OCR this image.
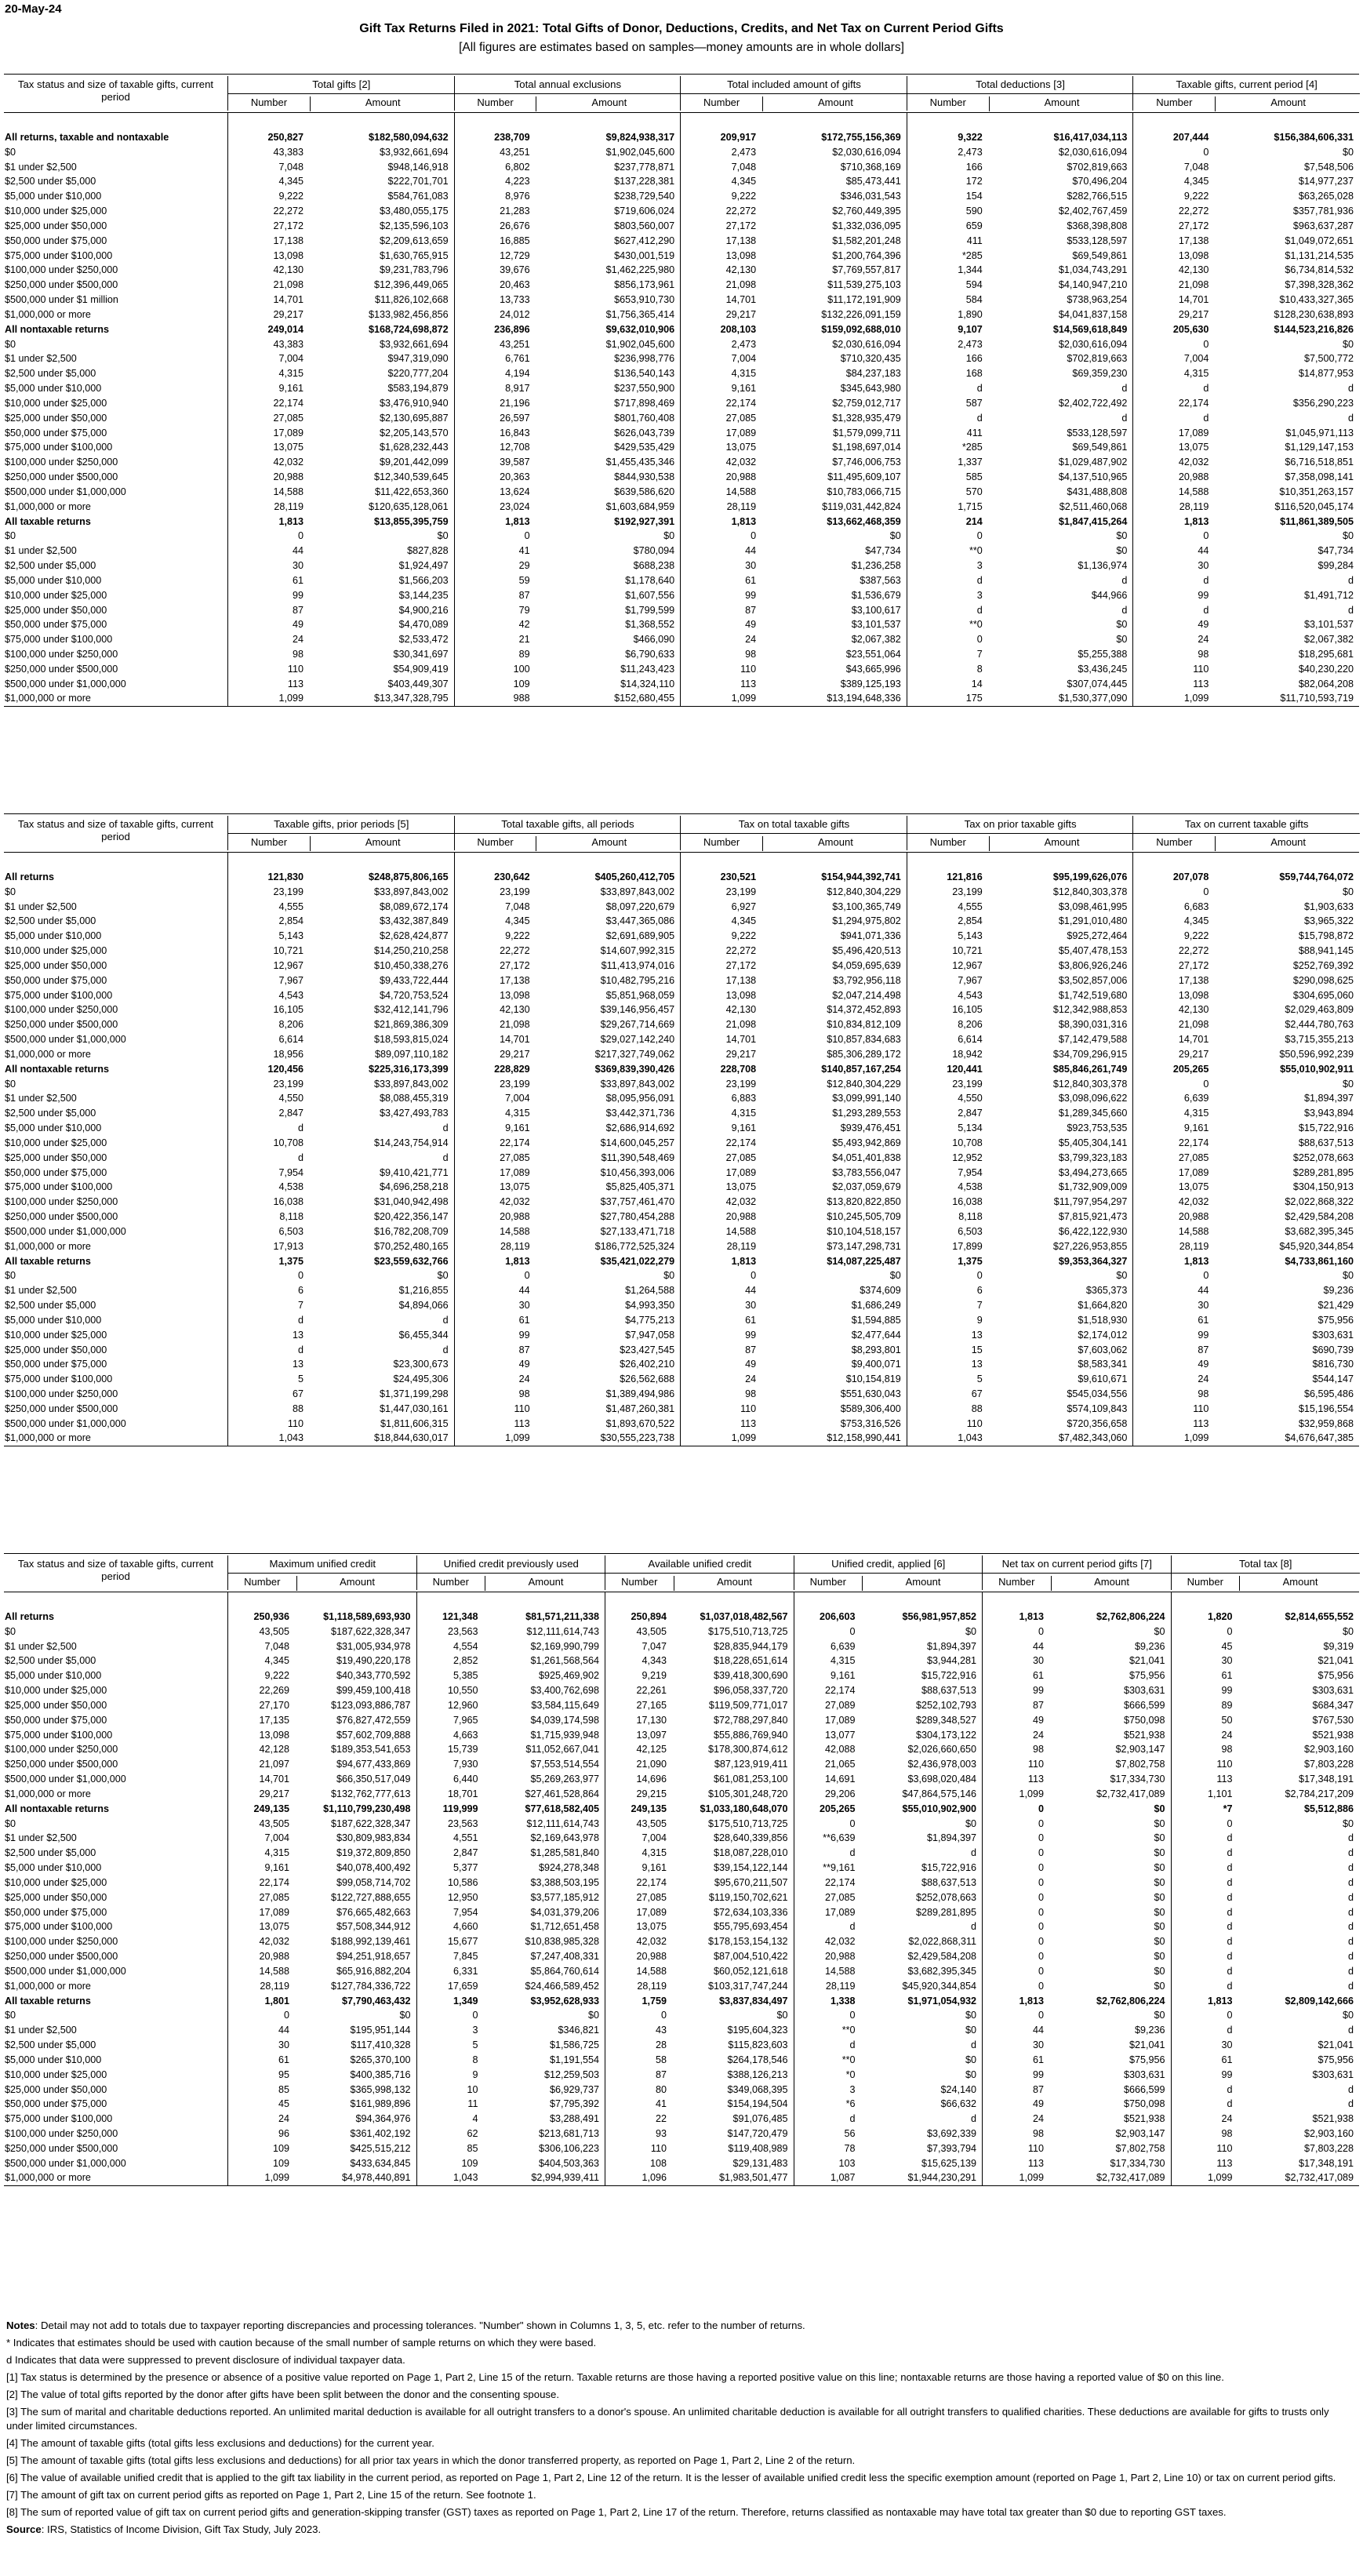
20-May-24
Gift Tax Returns Filed in 2021: Total Gifts of Donor, Deductions, Credits, and Net Tax on Current Period Gifts
[All figures are estimates based on samples—money amounts are in whole dollars]
Tax status and size of taxable gifts, current period
Total gifts [2]
Number	Amount
Total annual exclusions
Number	Amount
Total included amount of gifts
Number	Amount
Total deductions [3]
Number	Amount
Taxable gifts, current period [4]
Number	Amount

All returns, taxable and nontaxable	250,827	$182,580,094,632	238,709	$9,824,938,317	209,917	$172,755,156,369	9,322	$16,417,034,113	207,444	$156,384,606,331
$0	43,383	$3,932,661,694	43,251	$1,902,045,600	2,473	$2,030,616,094	2,473	$2,030,616,094	0	$0
$1 under $2,500	7,048	$948,146,918	6,802	$237,778,871	7,048	$710,368,169	166	$702,819,663	7,048	$7,548,506
$2,500 under $5,000	4,345	$222,701,701	4,223	$137,228,381	4,345	$85,473,441	172	$70,496,204	4,345	$14,977,237
$5,000 under $10,000	9,222	$584,761,083	8,976	$238,729,540	9,222	$346,031,543	154	$282,766,515	9,222	$63,265,028
$10,000 under $25,000	22,272	$3,480,055,175	21,283	$719,606,024	22,272	$2,760,449,395	590	$2,402,767,459	22,272	$357,781,936
$25,000 under $50,000	27,172	$2,135,596,103	26,676	$803,560,007	27,172	$1,332,036,095	659	$368,398,808	27,172	$963,637,287
$50,000 under $75,000	17,138	$2,209,613,659	16,885	$627,412,290	17,138	$1,582,201,248	411	$533,128,597	17,138	$1,049,072,651
$75,000 under $100,000	13,098	$1,630,765,915	12,729	$430,001,519	13,098	$1,200,764,396	*285	$69,549,861	13,098	$1,131,214,535
$100,000 under $250,000	42,130	$9,231,783,796	39,676	$1,462,225,980	42,130	$7,769,557,817	1,344	$1,034,743,291	42,130	$6,734,814,532
$250,000 under $500,000	21,098	$12,396,449,065	20,463	$856,173,961	21,098	$11,539,275,103	594	$4,140,947,210	21,098	$7,398,328,362
$500,000 under $1 million	14,701	$11,826,102,668	13,733	$653,910,730	14,701	$11,172,191,909	584	$738,963,254	14,701	$10,433,327,365
$1,000,000 or more	29,217	$133,982,456,856	24,012	$1,756,365,414	29,217	$132,226,091,159	1,890	$4,041,837,158	29,217	$128,230,638,893
All nontaxable returns	249,014	$168,724,698,872	236,896	$9,632,010,906	208,103	$159,092,688,010	9,107	$14,569,618,849	205,630	$144,523,216,826
$0	43,383	$3,932,661,694	43,251	$1,902,045,600	2,473	$2,030,616,094	2,473	$2,030,616,094	0	$0
$1 under $2,500	7,004	$947,319,090	6,761	$236,998,776	7,004	$710,320,435	166	$702,819,663	7,004	$7,500,772
$2,500 under $5,000	4,315	$220,777,204	4,194	$136,540,143	4,315	$84,237,183	168	$69,359,230	4,315	$14,877,953
$5,000 under $10,000	9,161	$583,194,879	8,917	$237,550,900	9,161	$345,643,980	d	d	d	d
$10,000 under $25,000	22,174	$3,476,910,940	21,196	$717,898,469	22,174	$2,759,012,717	587	$2,402,722,492	22,174	$356,290,223
$25,000 under $50,000	27,085	$2,130,695,887	26,597	$801,760,408	27,085	$1,328,935,479	d	d	d	d
$50,000 under $75,000	17,089	$2,205,143,570	16,843	$626,043,739	17,089	$1,579,099,711	411	$533,128,597	17,089	$1,045,971,113
$75,000 under $100,000	13,075	$1,628,232,443	12,708	$429,535,429	13,075	$1,198,697,014	*285	$69,549,861	13,075	$1,129,147,153
$100,000 under $250,000	42,032	$9,201,442,099	39,587	$1,455,435,346	42,032	$7,746,006,753	1,337	$1,029,487,902	42,032	$6,716,518,851
$250,000 under $500,000	20,988	$12,340,539,645	20,363	$844,930,538	20,988	$11,495,609,107	585	$4,137,510,965	20,988	$7,358,098,141
$500,000 under $1,000,000	14,588	$11,422,653,360	13,624	$639,586,620	14,588	$10,783,066,715	570	$431,488,808	14,588	$10,351,263,157
$1,000,000 or more	28,119	$120,635,128,061	23,024	$1,603,684,959	28,119	$119,031,442,824	1,715	$2,511,460,068	28,119	$116,520,045,174
All taxable returns	1,813	$13,855,395,759	1,813	$192,927,391	1,813	$13,662,468,359	214	$1,847,415,264	1,813	$11,861,389,505
$0	0	$0	0	$0	0	$0	0	$0	0	$0
$1 under $2,500	44	$827,828	41	$780,094	44	$47,734	**0	$0	44	$47,734
$2,500 under $5,000	30	$1,924,497	29	$688,238	30	$1,236,258	3	$1,136,974	30	$99,284
$5,000 under $10,000	61	$1,566,203	59	$1,178,640	61	$387,563	d	d	d	d
$10,000 under $25,000	99	$3,144,235	87	$1,607,556	99	$1,536,679	3	$44,966	99	$1,491,712
$25,000 under $50,000	87	$4,900,216	79	$1,799,599	87	$3,100,617	d	d	d	d
$50,000 under $75,000	49	$4,470,089	42	$1,368,552	49	$3,101,537	**0	$0	49	$3,101,537
$75,000 under $100,000	24	$2,533,472	21	$466,090	24	$2,067,382	0	$0	24	$2,067,382
$100,000 under $250,000	98	$30,341,697	89	$6,790,633	98	$23,551,064	7	$5,255,388	98	$18,295,681
$250,000 under $500,000	110	$54,909,419	100	$11,243,423	110	$43,665,996	8	$3,436,245	110	$40,230,220
$500,000 under $1,000,000	113	$403,449,307	109	$14,324,110	113	$389,125,193	14	$307,074,445	113	$82,064,208
$1,000,000 or more	1,099	$13,347,328,795	988	$152,680,455	1,099	$13,194,648,336	175	$1,530,377,090	1,099	$11,710,593,719
Tax status and size of taxable gifts, current period
Taxable gifts, prior periods [5]
Number	Amount
Total taxable gifts, all periods
Number	Amount
Tax on total taxable gifts
Number	Amount
Tax on prior taxable gifts
Number	Amount
Tax on current taxable gifts
Number	Amount

All returns	121,830	$248,875,806,165	230,642	$405,260,412,705	230,521	$154,944,392,741	121,816	$95,199,626,076	207,078	$59,744,764,072
$0	23,199	$33,897,843,002	23,199	$33,897,843,002	23,199	$12,840,304,229	23,199	$12,840,303,378	0	$0
$1 under $2,500	4,555	$8,089,672,174	7,048	$8,097,220,679	6,927	$3,100,365,749	4,555	$3,098,461,995	6,683	$1,903,633
$2,500 under $5,000	2,854	$3,432,387,849	4,345	$3,447,365,086	4,345	$1,294,975,802	2,854	$1,291,010,480	4,345	$3,965,322
$5,000 under $10,000	5,143	$2,628,424,877	9,222	$2,691,689,905	9,222	$941,071,336	5,143	$925,272,464	9,222	$15,798,872
$10,000 under $25,000	10,721	$14,250,210,258	22,272	$14,607,992,315	22,272	$5,496,420,513	10,721	$5,407,478,153	22,272	$88,941,145
$25,000 under $50,000	12,967	$10,450,338,276	27,172	$11,413,974,016	27,172	$4,059,695,639	12,967	$3,806,926,246	27,172	$252,769,392
$50,000 under $75,000	7,967	$9,433,722,444	17,138	$10,482,795,216	17,138	$3,792,956,118	7,967	$3,502,857,006	17,138	$290,098,625
$75,000 under $100,000	4,543	$4,720,753,524	13,098	$5,851,968,059	13,098	$2,047,214,498	4,543	$1,742,519,680	13,098	$304,695,060
$100,000 under $250,000	16,105	$32,412,141,796	42,130	$39,146,956,457	42,130	$14,372,452,893	16,105	$12,342,988,853	42,130	$2,029,463,809
$250,000 under $500,000	8,206	$21,869,386,309	21,098	$29,267,714,669	21,098	$10,834,812,109	8,206	$8,390,031,316	21,098	$2,444,780,763
$500,000 under $1,000,000	6,614	$18,593,815,024	14,701	$29,027,142,240	14,701	$10,857,834,683	6,614	$7,142,479,588	14,701	$3,715,355,213
$1,000,000 or more	18,956	$89,097,110,182	29,217	$217,327,749,062	29,217	$85,306,289,172	18,942	$34,709,296,915	29,217	$50,596,992,239
All nontaxable returns	120,456	$225,316,173,399	228,829	$369,839,390,426	228,708	$140,857,167,254	120,441	$85,846,261,749	205,265	$55,010,902,911
$0	23,199	$33,897,843,002	23,199	$33,897,843,002	23,199	$12,840,304,229	23,199	$12,840,303,378	0	$0
$1 under $2,500	4,550	$8,088,455,319	7,004	$8,095,956,091	6,883	$3,099,991,140	4,550	$3,098,096,622	6,639	$1,894,397
$2,500 under $5,000	2,847	$3,427,493,783	4,315	$3,442,371,736	4,315	$1,293,289,553	2,847	$1,289,345,660	4,315	$3,943,894
$5,000 under $10,000	d	d	9,161	$2,686,914,692	9,161	$939,476,451	5,134	$923,753,535	9,161	$15,722,916
$10,000 under $25,000	10,708	$14,243,754,914	22,174	$14,600,045,257	22,174	$5,493,942,869	10,708	$5,405,304,141	22,174	$88,637,513
$25,000 under $50,000	d	d	27,085	$11,390,548,469	27,085	$4,051,401,838	12,952	$3,799,323,183	27,085	$252,078,663
$50,000 under $75,000	7,954	$9,410,421,771	17,089	$10,456,393,006	17,089	$3,783,556,047	7,954	$3,494,273,665	17,089	$289,281,895
$75,000 under $100,000	4,538	$4,696,258,218	13,075	$5,825,405,371	13,075	$2,037,059,679	4,538	$1,732,909,009	13,075	$304,150,913
$100,000 under $250,000	16,038	$31,040,942,498	42,032	$37,757,461,470	42,032	$13,820,822,850	16,038	$11,797,954,297	42,032	$2,022,868,322
$250,000 under $500,000	8,118	$20,422,356,147	20,988	$27,780,454,288	20,988	$10,245,505,709	8,118	$7,815,921,473	20,988	$2,429,584,208
$500,000 under $1,000,000	6,503	$16,782,208,709	14,588	$27,133,471,718	14,588	$10,104,518,157	6,503	$6,422,122,930	14,588	$3,682,395,345
$1,000,000 or more	17,913	$70,252,480,165	28,119	$186,772,525,324	28,119	$73,147,298,731	17,899	$27,226,953,855	28,119	$45,920,344,854
All taxable returns	1,375	$23,559,632,766	1,813	$35,421,022,279	1,813	$14,087,225,487	1,375	$9,353,364,327	1,813	$4,733,861,160
$0	0	$0	0	$0	0	$0	0	$0	0	$0
$1 under $2,500	6	$1,216,855	44	$1,264,588	44	$374,609	6	$365,373	44	$9,236
$2,500 under $5,000	7	$4,894,066	30	$4,993,350	30	$1,686,249	7	$1,664,820	30	$21,429
$5,000 under $10,000	d	d	61	$4,775,213	61	$1,594,885	9	$1,518,930	61	$75,956
$10,000 under $25,000	13	$6,455,344	99	$7,947,058	99	$2,477,644	13	$2,174,012	99	$303,631
$25,000 under $50,000	d	d	87	$23,427,545	87	$8,293,801	15	$7,603,062	87	$690,739
$50,000 under $75,000	13	$23,300,673	49	$26,402,210	49	$9,400,071	13	$8,583,341	49	$816,730
$75,000 under $100,000	5	$24,495,306	24	$26,562,688	24	$10,154,819	5	$9,610,671	24	$544,147
$100,000 under $250,000	67	$1,371,199,298	98	$1,389,494,986	98	$551,630,043	67	$545,034,556	98	$6,595,486
$250,000 under $500,000	88	$1,447,030,161	110	$1,487,260,381	110	$589,306,400	88	$574,109,843	110	$15,196,554
$500,000 under $1,000,000	110	$1,811,606,315	113	$1,893,670,522	113	$753,316,526	110	$720,356,658	113	$32,959,868
$1,000,000 or more	1,043	$18,844,630,017	1,099	$30,555,223,738	1,099	$12,158,990,441	1,043	$7,482,343,060	1,099	$4,676,647,385
Tax status and size of taxable gifts, current period
Maximum unified credit
Number	Amount
Unified credit previously used
Number	Amount
Available unified credit
Number	Amount
Unified credit, applied [6]
Number	Amount
Net tax on current period gifts [7]
Number	Amount
Total tax [8]
Number	Amount

All returns	250,936	$1,118,589,693,930	121,348	$81,571,211,338	250,894	$1,037,018,482,567	206,603	$56,981,957,852	1,813	$2,762,806,224	1,820	$2,814,655,552
$0	43,505	$187,622,328,347	23,563	$12,111,614,743	43,505	$175,510,713,725	0	$0	0	$0	0	$0
$1 under $2,500	7,048	$31,005,934,978	4,554	$2,169,990,799	7,047	$28,835,944,179	6,639	$1,894,397	44	$9,236	45	$9,319
$2,500 under $5,000	4,345	$19,490,220,178	2,852	$1,261,568,564	4,343	$18,228,651,614	4,315	$3,944,281	30	$21,041	30	$21,041
$5,000 under $10,000	9,222	$40,343,770,592	5,385	$925,469,902	9,219	$39,418,300,690	9,161	$15,722,916	61	$75,956	61	$75,956
$10,000 under $25,000	22,269	$99,459,100,418	10,550	$3,400,762,698	22,261	$96,058,337,720	22,174	$88,637,513	99	$303,631	99	$303,631
$25,000 under $50,000	27,170	$123,093,886,787	12,960	$3,584,115,649	27,165	$119,509,771,017	27,089	$252,102,793	87	$666,599	89	$684,347
$50,000 under $75,000	17,135	$76,827,472,559	7,965	$4,039,174,598	17,130	$72,788,297,840	17,089	$289,348,527	49	$750,098	50	$767,530
$75,000 under $100,000	13,098	$57,602,709,888	4,663	$1,715,939,948	13,097	$55,886,769,940	13,077	$304,173,122	24	$521,938	24	$521,938
$100,000 under $250,000	42,128	$189,353,541,653	15,739	$11,052,667,041	42,125	$178,300,874,612	42,088	$2,026,660,650	98	$2,903,147	98	$2,903,160
$250,000 under $500,000	21,097	$94,677,433,869	7,930	$7,553,514,554	21,090	$87,123,919,411	21,065	$2,436,978,003	110	$7,802,758	110	$7,803,228
$500,000 under $1,000,000	14,701	$66,350,517,049	6,440	$5,269,263,977	14,696	$61,081,253,100	14,691	$3,698,020,484	113	$17,334,730	113	$17,348,191
$1,000,000 or more	29,217	$132,762,777,613	18,701	$27,461,528,864	29,215	$105,301,248,720	29,206	$47,864,575,146	1,099	$2,732,417,089	1,101	$2,784,217,209
All nontaxable returns	249,135	$1,110,799,230,498	119,999	$77,618,582,405	249,135	$1,033,180,648,070	205,265	$55,010,902,900	0	$0	*7	$5,512,886
$0	43,505	$187,622,328,347	23,563	$12,111,614,743	43,505	$175,510,713,725	0	$0	0	$0	0	$0
$1 under $2,500	7,004	$30,809,983,834	4,551	$2,169,643,978	7,004	$28,640,339,856	**6,639	$1,894,397	0	$0	d	d
$2,500 under $5,000	4,315	$19,372,809,850	2,847	$1,285,581,840	4,315	$18,087,228,010	d	d	0	$0	d	d
$5,000 under $10,000	9,161	$40,078,400,492	5,377	$924,278,348	9,161	$39,154,122,144	**9,161	$15,722,916	0	$0	d	d
$10,000 under $25,000	22,174	$99,058,714,702	10,586	$3,388,503,195	22,174	$95,670,211,507	22,174	$88,637,513	0	$0	d	d
$25,000 under $50,000	27,085	$122,727,888,655	12,950	$3,577,185,912	27,085	$119,150,702,621	27,085	$252,078,663	0	$0	d	d
$50,000 under $75,000	17,089	$76,665,482,663	7,954	$4,031,379,206	17,089	$72,634,103,336	17,089	$289,281,895	0	$0	d	d
$75,000 under $100,000	13,075	$57,508,344,912	4,660	$1,712,651,458	13,075	$55,795,693,454	d	d	0	$0	d	d
$100,000 under $250,000	42,032	$188,992,139,461	15,677	$10,838,985,328	42,032	$178,153,154,132	42,032	$2,022,868,311	0	$0	d	d
$250,000 under $500,000	20,988	$94,251,918,657	7,845	$7,247,408,331	20,988	$87,004,510,422	20,988	$2,429,584,208	0	$0	d	d
$500,000 under $1,000,000	14,588	$65,916,882,204	6,331	$5,864,760,614	14,588	$60,052,121,618	14,588	$3,682,395,345	0	$0	d	d
$1,000,000 or more	28,119	$127,784,336,722	17,659	$24,466,589,452	28,119	$103,317,747,244	28,119	$45,920,344,854	0	$0	d	d
All taxable returns	1,801	$7,790,463,432	1,349	$3,952,628,933	1,759	$3,837,834,497	1,338	$1,971,054,932	1,813	$2,762,806,224	1,813	$2,809,142,666
$0	0	$0	0	$0	0	$0	0	$0	0	$0	0	$0
$1 under $2,500	44	$195,951,144	3	$346,821	43	$195,604,323	**0	$0	44	$9,236	d	d
$2,500 under $5,000	30	$117,410,328	5	$1,586,725	28	$115,823,603	d	d	30	$21,041	30	$21,041
$5,000 under $10,000	61	$265,370,100	8	$1,191,554	58	$264,178,546	**0	$0	61	$75,956	61	$75,956
$10,000 under $25,000	95	$400,385,716	9	$12,259,503	87	$388,126,213	*0	$0	99	$303,631	99	$303,631
$25,000 under $50,000	85	$365,998,132	10	$6,929,737	80	$349,068,395	3	$24,140	87	$666,599	d	d
$50,000 under $75,000	45	$161,989,896	11	$7,795,392	41	$154,194,504	*6	$66,632	49	$750,098	d	d
$75,000 under $100,000	24	$94,364,976	4	$3,288,491	22	$91,076,485	d	d	24	$521,938	24	$521,938
$100,000 under $250,000	96	$361,402,192	62	$213,681,713	93	$147,720,479	56	$3,692,339	98	$2,903,147	98	$2,903,160
$250,000 under $500,000	109	$425,515,212	85	$306,106,223	110	$119,408,989	78	$7,393,794	110	$7,802,758	110	$7,803,228
$500,000 under $1,000,000	109	$433,634,845	109	$404,503,363	108	$29,131,483	103	$15,625,139	113	$17,334,730	113	$17,348,191
$1,000,000 or more	1,099	$4,978,440,891	1,043	$2,994,939,411	1,096	$1,983,501,477	1,087	$1,944,230,291	1,099	$2,732,417,089	1,099	$2,732,417,089

Notes: Detail may not add to totals due to taxpayer reporting discrepancies and processing tolerances. "Number" shown in Columns 1, 3, 5, etc. refer to the number of returns.

* Indicates that estimates should be used with caution because of the small number of sample returns on which they were based.

d Indicates that data were suppressed to prevent disclosure of individual taxpayer data.

[1] Tax status is determined by the presence or absence of a positive value reported on Page 1, Part 2, Line 15 of the return. Taxable returns are those having a reported positive value on this line; nontaxable returns are those having a reported value of $0 on this line.

[2] The value of total gifts reported by the donor after gifts have been split between the donor and the consenting spouse.

[3] The sum of marital and charitable deductions reported. An unlimited marital deduction is available for all outright transfers to a donor's spouse. An unlimited charitable deduction is available for all outright transfers to qualified charities. These deductions are available for gifts to trusts only under limited circumstances.

[4] The amount of taxable gifts (total gifts less exclusions and deductions) for the current year.

[5] The amount of taxable gifts (total gifts less exclusions and deductions) for all prior tax years in which the donor transferred property, as reported on Page 1, Part 2, Line 2 of the return.

[6] The value of available unified credit that is applied to the gift tax liability in the current period, as reported on Page 1, Part 2, Line 12 of the return. It is the lesser of available unified credit less the specific exemption amount (reported on Page 1, Part 2, Line 10) or tax on current period gifts.

[7] The amount of gift tax on current period gifts as reported on Page 1, Part 2, Line 15 of the return. See footnote 1.

[8] The sum of reported value of gift tax on current period gifts and generation-skipping transfer (GST) taxes as reported on Page 1, Part 2, Line 17 of the return. Therefore, returns classified as nontaxable may have total tax greater than $0 due to reporting GST taxes.

Source: IRS, Statistics of Income Division, Gift Tax Study, July 2023.
